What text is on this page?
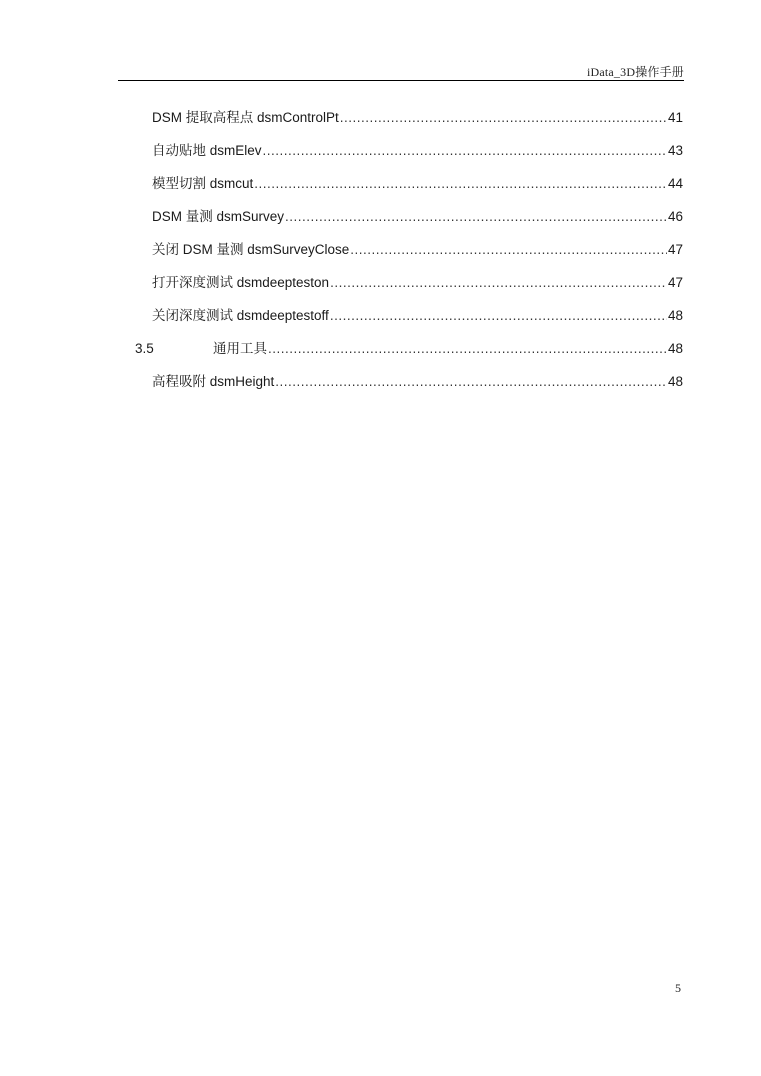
iData_3D操作手册
DSM 提取高程点 dsmControlPt .....	41
自动贴地 dsmElev .....	43
模型切割 dsmcut .....	44
DSM 量测 dsmSurvey .....	46
关闭 DSM 量测 dsmSurveyClose .....	47
打开深度测试 dsmdeepteston .....	47
关闭深度测试 dsmdeeptestoff .....	48
3.5	通用工具 .....	48
高程吸附 dsmHeight .....	48
5
